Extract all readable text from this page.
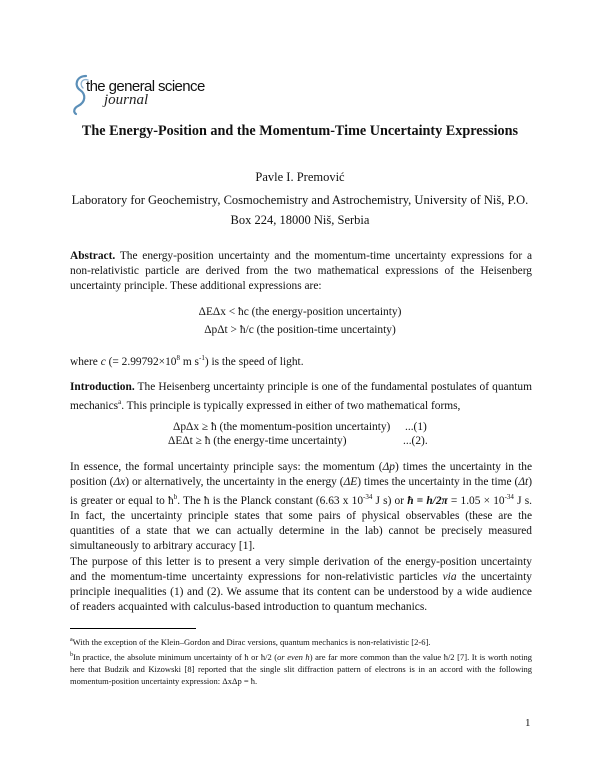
the general science
journal
The Energy-Position and the Momentum-Time Uncertainty Expressions
Pavle I. Premović
Laboratory for Geochemistry, Cosmochemistry and Astrochemistry, University of Niš, P.O. Box 224, 18000 Niš, Serbia
Abstract. The energy-position uncertainty and the momentum-time uncertainty expressions for a non-relativistic particle are derived from the two mathematical expressions of the Heisenberg uncertainty principle. These additional expressions are:
ΔEΔx < ħc (the energy-position uncertainty)
ΔpΔt > ħ/c (the position-time uncertainty)
where c (= $2.99792\times 10^8$ m $s^{-1}$) is the speed of light.
Introduction. The Heisenberg uncertainty principle is one of the fundamental postulates of quantum mechanics$^a$. This principle is typically expressed in either of two mathematical forms,
ΔpΔx ≥ ħ (the momentum-position uncertainty) ...(1)
ΔEΔt ≥ ħ (the energy-time uncertainty)	...(2).
In essence, the formal uncertainty principle says: the momentum (Δp) times the uncertainty in the position (Δx) or alternatively, the uncertainty in the energy (ΔE) times the uncertainty in the time (Δt) is greater or equal to $ħ^b$. The ħ is the Planck constant (6.63 x $10^{-34}$ J s) or ħ = $h/2\pi = 1.05 \times 10^{-34}$ J s. In fact, the uncertainty principle states that some pairs of physical observables (these are the quantities of a state that we can actually determine in the lab) cannot be precisely measured simultaneously to arbitrary accuracy [1].
The purpose of this letter is to present a very simple derivation of the energy-position uncertainty and the momentum-time uncertainty expressions for non-relativistic particles via the uncertainty principle inequalities (1) and (2). We assume that its content can be understood by a wide audience of readers acquainted with calculus-based introduction to quantum mechanics.
$^a$With the exception of the Klein–Gordon and Dirac versions, quantum mechanics is non-relativistic [2-6].
$^b$In practice, the absolute minimum uncertainty of ħ or ħ/2 (or even ħ) are far more common than the value ħ/2 [7]. It is worth noting here that Budzik and Kizowski [8] reported that the single slit diffraction pattern of electrons is in an accord with the following momentum-position uncertainty expression: ΔxΔp = ħ.
1
